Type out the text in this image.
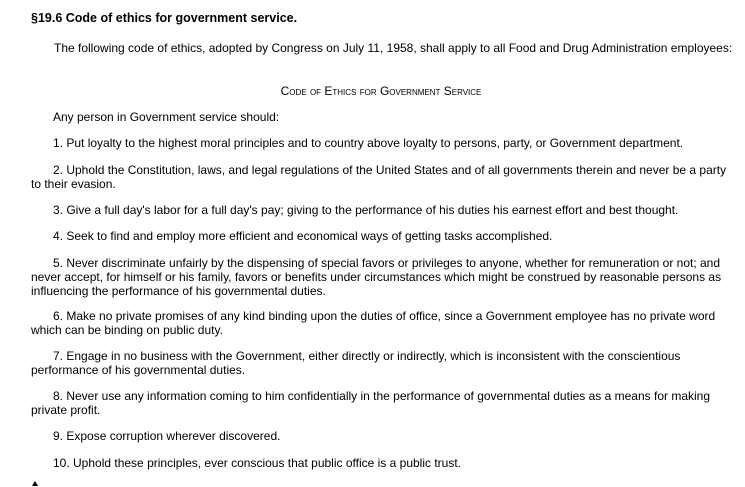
§19.6 Code of ethics for government service.

The following code of ethics, adopted by Congress on July 11, 1958, shall apply to all Food and Drug Administration employees:

Code of Ethics for Government Service

Any person in Government service should:

1. Put loyalty to the highest moral principles and to country above loyalty to persons, party, or Government department.

2. Uphold the Constitution, laws, and legal regulations of the United States and of all governments therein and never be a party to their evasion.

3. Give a full day's labor for a full day's pay; giving to the performance of his duties his earnest effort and best thought.

4. Seek to find and employ more efficient and economical ways of getting tasks accomplished.

5. Never discriminate unfairly by the dispensing of special favors or privileges to anyone, whether for remuneration or not; and never accept, for himself or his family, favors or benefits under circumstances which might be construed by reasonable persons as influencing the performance of his governmental duties.

6. Make no private promises of any kind binding upon the duties of office, since a Government employee has no private word which can be binding on public duty.

7. Engage in no business with the Government, either directly or indirectly, which is inconsistent with the conscientious performance of his governmental duties.

8. Never use any information coming to him confidentially in the performance of governmental duties as a means for making private profit.

9. Expose corruption wherever discovered.

10. Uphold these principles, ever conscious that public office is a public trust.
